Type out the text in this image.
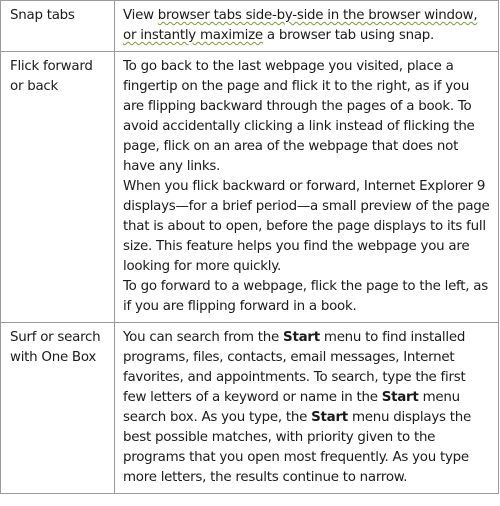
Snap tabs	View browser tabs side-by-side in the browser window, or instantly maximize a browser tab using snap.

Flick forward or back	To go back to the last webpage you visited, place a fingertip on the page and flick it to the right, as if you are flipping backward through the pages of a book. To avoid accidentally clicking a link instead of flicking the page, flick on an area of the webpage that does not have any links.

When you flick backward or forward, Internet Explorer 9 displays—for a brief period—a small preview of the page that is about to open, before the page displays to its full size. This feature helps you find the webpage you are looking for more quickly.

To go forward to a webpage, flick the page to the left, as if you are flipping forward in a book.

Surf or search with One Box	You can search from the Start menu to find installed programs, files, contacts, email messages, Internet favorites, and appointments. To search, type the first few letters of a keyword or name in the Start menu search box. As you type, the Start menu displays the best possible matches, with priority given to the programs that you open most frequently. As you type more letters, the results continue to narrow.
